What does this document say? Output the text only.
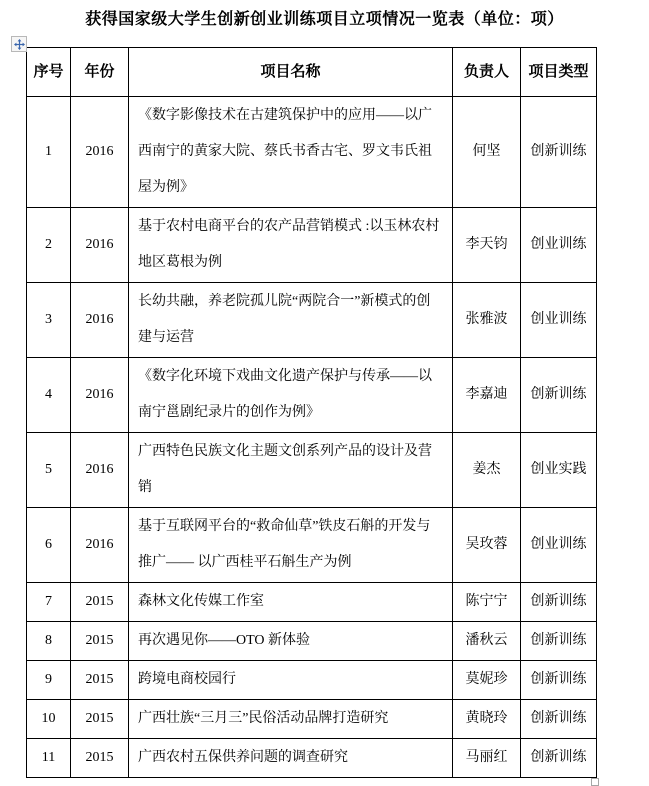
获得国家级大学生创新创业训练项目立项情况一览表（单位：项）
序号	年份	项目名称	负责人	项目类型
1	2016	《数字影像技术在古建筑保护中的应用——以广西南宁的黄家大院、蔡氏书香古宅、罗文韦氏祖屋为例》	何坚	创新训练
2	2016	基于农村电商平台的农产品营销模式 :以玉林农村地区葛根为例	李天钧	创业训练
3	2016	长幼共融，养老院孤儿院“两院合一”新模式的创建与运营	张雅波	创业训练
4	2016	《数字化环境下戏曲文化遗产保护与传承——以南宁邕剧纪录片的创作为例》	李嘉迪	创新训练
5	2016	广西特色民族文化主题文创系列产品的设计及营销	姜杰	创业实践
6	2016	基于互联网平台的“救命仙草”铁皮石斛的开发与推广—— 以广西桂平石斛生产为例	吴玫蓉	创业训练
7	2015	森林文化传媒工作室	陈宁宁	创新训练
8	2015	再次遇见你——OTO 新体验	潘秋云	创新训练
9	2015	跨境电商校园行	莫妮珍	创新训练
10	2015	广西壮族“三月三”民俗活动品牌打造研究	黄晓玲	创新训练
11	2015	广西农村五保供养问题的调查研究	马丽红	创新训练
